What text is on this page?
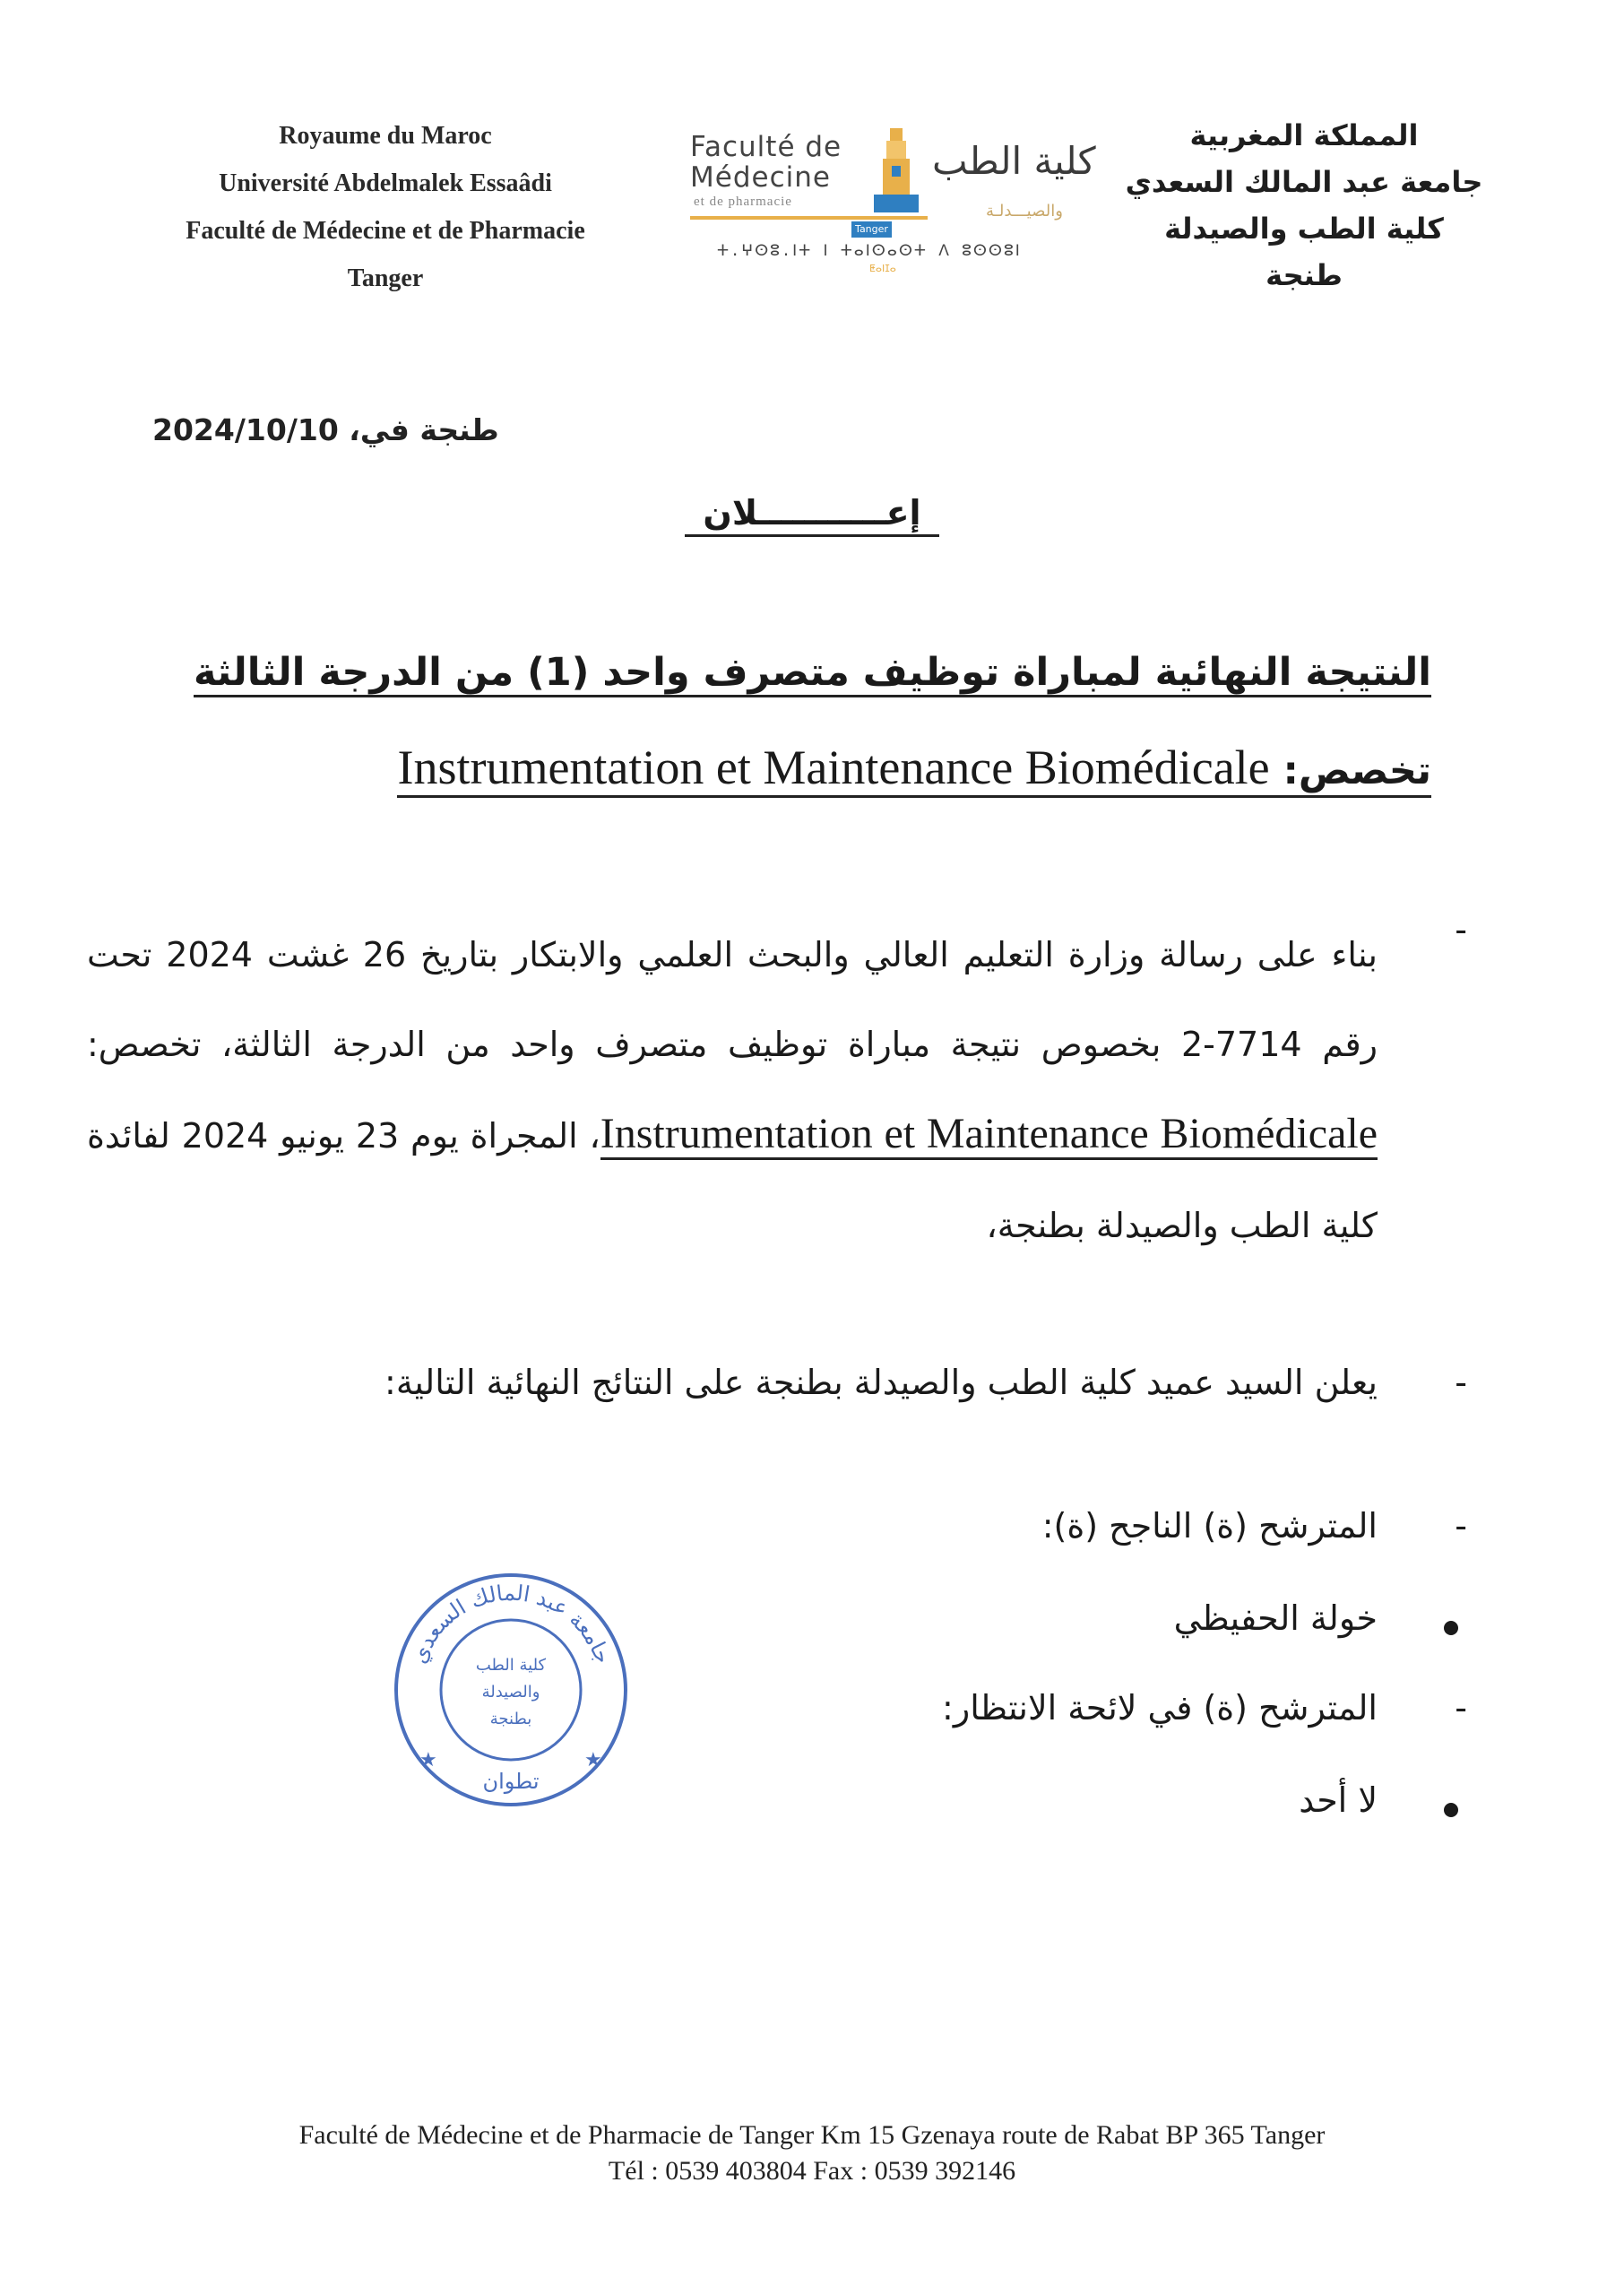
Royaume du Maroc
Université Abdelmalek Essaâdi
Faculté de Médecine et de Pharmacie
Tanger
Faculté de
Médecine
et de pharmacie
كلية الطب
والصيـــدلـة
Tanger
ⵜ.ⵖⵙⵓ.ⵏⵜ ⵏ ⵜⴰⵏⵙⴰⵙⵜ ⴷ ⵓⵙⵙⵓⵏ
ⵟⴰⵏⵊⴰ
المملكة المغربية
جامعة عبد المالك السعدي
كلية الطب والصيدلة
طنجة
طنجة في، 2024/10/10
إعـــــــــــلان
النتيجة النهائية لمباراة توظيف متصرف واحد (1) من الدرجة الثالثة
تخصص: Instrumentation et Maintenance Biomédicale
-
بناء على رسالة وزارة التعليم العالي والبحث العلمي والابتكار بتاريخ 26 غشت 2024 تحت رقم 7714-2 بخصوص نتيجة مباراة توظيف متصرف واحد من الدرجة الثالثة، تخصص: Instrumentation et Maintenance Biomédicale، المجراة يوم 23 يونيو 2024 لفائدة كلية الطب والصيدلة بطنجة،
-
يعلن السيد عميد كلية الطب والصيدلة بطنجة على النتائج النهائية التالية:
-
المترشح (ة) الناجح (ة):
خولة الحفيظي
-
المترشح (ة) في لائحة الانتظار:
لا أحد
جامعة عبد المالك السعدي
كلية الطب
والصيدلة
بطنجة
تطوان
★	★
Faculté de Médecine et de Pharmacie de Tanger Km 15 Gzenaya route de Rabat BP 365 Tanger
Tél : 0539 403804 Fax : 0539 392146
